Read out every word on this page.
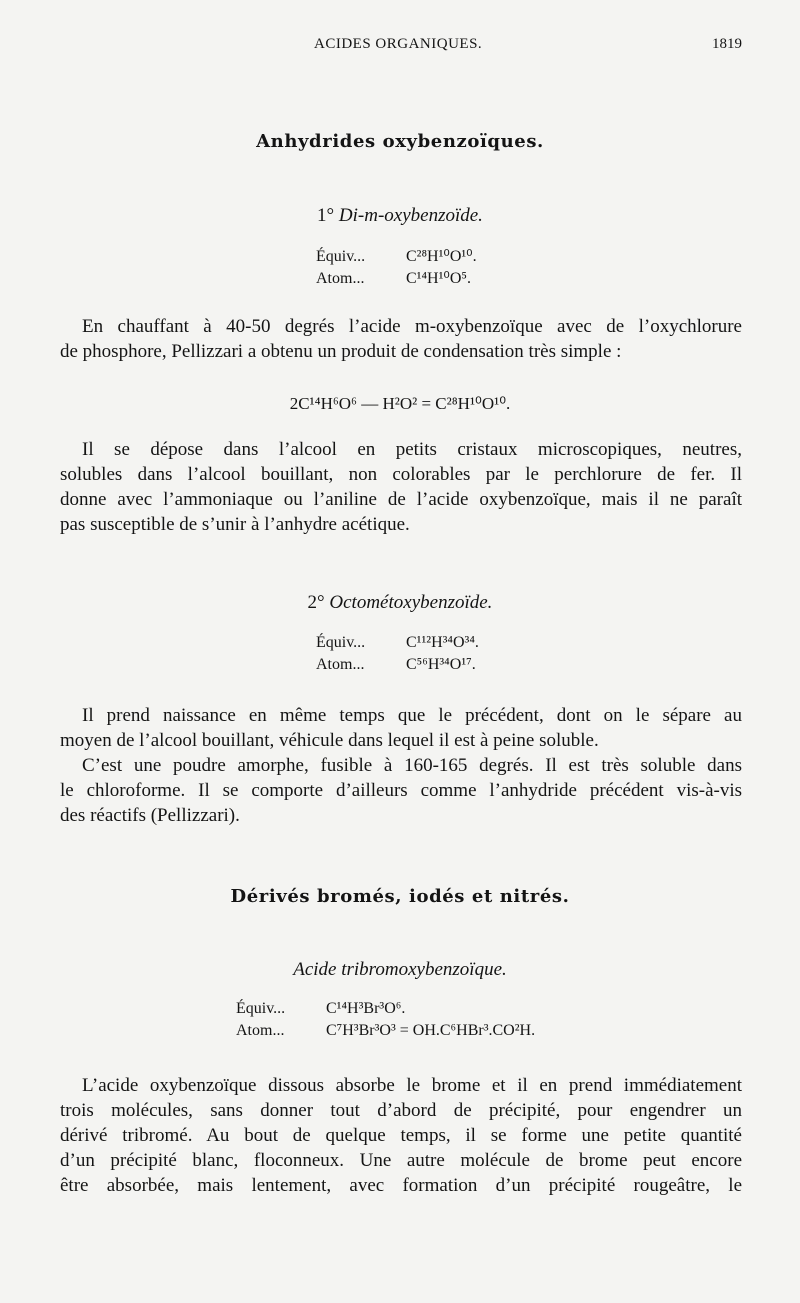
ACIDES ORGANIQUES.	1819
Anhydrides oxybenzoïques.
1° Di-m-oxybenzoïde.
Équiv...	C²⁸H¹⁰O¹⁰.
Atom...	C¹⁴H¹⁰O⁵.
En chauffant à 40-50 degrés l’acide m-oxybenzoïque avec de l’oxychlorure
de phosphore, Pellizzari a obtenu un produit de condensation très simple :
2C¹⁴H⁶O⁶ — H²O² = C²⁸H¹⁰O¹⁰.
Il se dépose dans l’alcool en petits cristaux microscopiques, neutres,
solubles dans l’alcool bouillant, non colorables par le perchlorure de fer. Il
donne avec l’ammoniaque ou l’aniline de l’acide oxybenzoïque, mais il ne paraît
pas susceptible de s’unir à l’anhydre acétique.
2° Octométoxybenzoïde.
Équiv...	C¹¹²H³⁴O³⁴.
Atom...	C⁵⁶H³⁴O¹⁷.
Il prend naissance en même temps que le précédent, dont on le sépare au
moyen de l’alcool bouillant, véhicule dans lequel il est à peine soluble.
C’est une poudre amorphe, fusible à 160-165 degrés. Il est très soluble dans
le chloroforme. Il se comporte d’ailleurs comme l’anhydride précédent vis-à-vis
des réactifs (Pellizzari).
Dérivés bromés, iodés et nitrés.
Acide tribromoxybenzoïque.
Équiv...	C¹⁴H³Br³O⁶.
Atom...	C⁷H³Br³O³ = OH.C⁶HBr³.CO²H.
L’acide oxybenzoïque dissous absorbe le brome et il en prend immédiatement
trois molécules, sans donner tout d’abord de précipité, pour engendrer un
dérivé tribromé. Au bout de quelque temps, il se forme une petite quantité
d’un précipité blanc, floconneux. Une autre molécule de brome peut encore
être absorbée, mais lentement, avec formation d’un précipité rougeâtre, le
